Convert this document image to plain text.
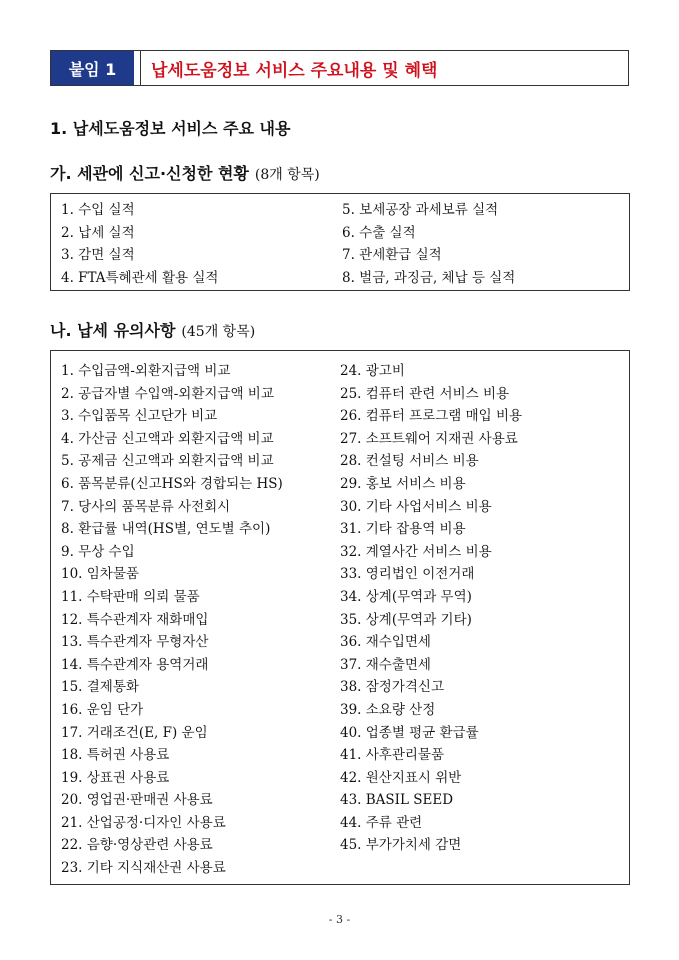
붙임 1	납세도움정보 서비스 주요내용 및 혜택
1. 납세도움정보 서비스 주요 내용
가. 세관에 신고·신청한 현황 (8개 항목)
1. 수입 실적
2. 납세 실적
3. 감면 실적
4. FTA특혜관세 활용 실적
5. 보세공장 과세보류 실적
6. 수출 실적
7. 관세환급 실적
8. 벌금, 과징금, 체납 등 실적
나. 납세 유의사항 (45개 항목)
1. 수입금액-외환지급액 비교
2. 공급자별 수입액-외환지급액 비교
3. 수입품목 신고단가 비교
4. 가산금 신고액과 외환지급액 비교
5. 공제금 신고액과 외환지급액 비교
6. 품목분류(신고HS와 경합되는 HS)
7. 당사의 품목분류 사전회시
8. 환급률 내역(HS별, 연도별 추이)
9. 무상 수입
10. 임차물품
11. 수탁판매 의뢰 물품
12. 특수관계자 재화매입
13. 특수관계자 무형자산
14. 특수관계자 용역거래
15. 결제통화
16. 운임 단가
17. 거래조건(E, F) 운임
18. 특허권 사용료
19. 상표권 사용료
20. 영업권·판매권 사용료
21. 산업공정·디자인 사용료
22. 음향·영상관련 사용료
23. 기타 지식재산권 사용료
24. 광고비
25. 컴퓨터 관련 서비스 비용
26. 컴퓨터 프로그램 매입 비용
27. 소프트웨어 지재권 사용료
28. 컨설팅 서비스 비용
29. 홍보 서비스 비용
30. 기타 사업서비스 비용
31. 기타 잡용역 비용
32. 계열사간 서비스 비용
33. 영리법인 이전거래
34. 상계(무역과 무역)
35. 상계(무역과 기타)
36. 재수입면세
37. 재수출면세
38. 잠정가격신고
39. 소요량 산정
40. 업종별 평균 환급률
41. 사후관리물품
42. 원산지표시 위반
43. BASIL SEED
44. 주류 관련
45. 부가가치세 감면
- 3 -
